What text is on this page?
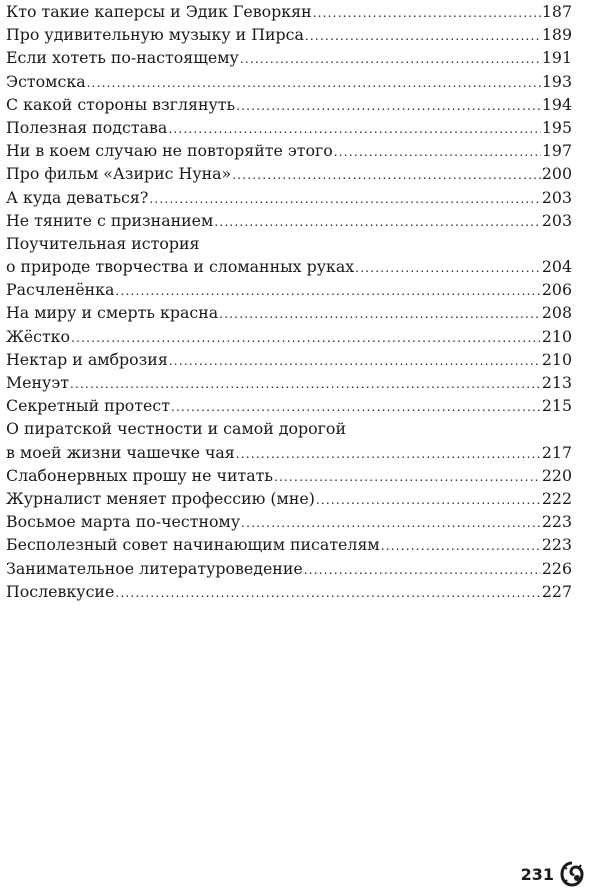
Кто такие каперсы и Эдик Геворкян .....	187
Про удивительную музыку и Пирса .....	189
Если хотеть по-настоящему .....	191
Эстомска .....	193
С какой стороны взглянуть .....	194
Полезная подстава .....	195
Ни в коем случаю не повторяйте этого .....	197
Про фильм «Азирис Нуна» .....	200
А куда деваться? .....	203
Не тяните с признанием .....	203
Поучительная история
о природе творчества и сломанных руках .....	204
Расчленёнка .....	206
На миру и смерть красна .....	208
Жёстко .....	210
Нектар и амброзия .....	210
Менуэт .....	213
Секретный протест .....	215
О пиратской честности и самой дорогой
в моей жизни чашечке чая .....	217
Слабонервных прошу не читать .....	220
Журналист меняет профессию (мне) .....	222
Восьмое марта по-честному .....	223
Бесполезный совет начинающим писателям .....	223
Занимательное литературоведение .....	226
Послевкусие .....	227
231
